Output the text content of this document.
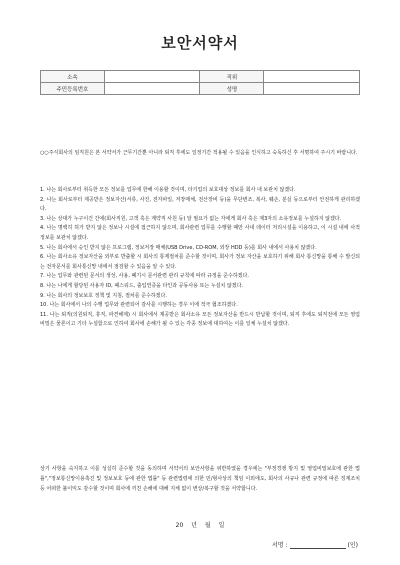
보안서약서
소속		직위	
주민등록번호		성명	
○○주식회사의 임직원은 본 서약서가 근무기간뿐 아니라 퇴직 후에도 일정기간 적용될 수 있음을 인식하고 숙독하신 후 서명하여 주시기 바랍니다.
1. 나는 회사로부터 취득한 모든 정보를 업무에 한해 이용할 것이며, 타기업의 보호대상 정보를 회사 내 보관치 않겠다.
2. 나는 회사로부터 제공받은 정보자산(서류, 사진, 전자파일, 저장매체, 전산장비 등)을 무단변조, 복사, 훼손, 분실 등으로부터 안전하게 관리하겠다.
3. 나는 상대가 누구이건 간에(회사직원, 고객 혹은 계약직 사원 등) 알 필요가 없는 자에게 회사 혹은 제3자의 소유정보를 누설하지 않겠다.
4. 나는 명백히 허가 받지 않은 정보나 시설에 접근하지 않으며, 회사관련 업무를 수행할 때만 사내 데이터 처리시설을 이용하고, 이 시설 내에 사적 정보를 보관치 않겠다.
5. 나는 회사에서 승인 받지 않은 프로그램, 정보저장 매체(USB Drive, CD-ROM, 외장 HDD 등)를 회사 내에서 사용치 않겠다.
6. 나는 회사소유 정보자산을 외부로 반출할 시 회사의 통제절차를 준수할 것이며, 회사가 정보 자산을 보호하기 위해 회사 통신망을 통해 수 발신되는 전자문서를 회사통신망 내에서 점검할 수 있음을 알 수 있다.
7. 나는 업무와 관련된 문서의 생성, 사용, 폐기시 문서관련 관리 규칙에 따라 규정을 준수하겠다.
8. 나는 나에게 할당된 사용자 ID, 패스워드, 출입연증을 타인과 공동사용 또는 누설치 않겠다.
9. 나는 회사의 정보보호 정책 및 지침, 절차를 준수하겠다.
10. 나는 회사에서 나의 수행 업무와 관련되어 감사를 시행하는 경우 이에 적극 협조하겠다.
11. 나는 퇴직(의원퇴직, 휴직, 파견해제) 시 회사에서 제공받은 회사소유 모든 정보자산을 반드시 반납할 것이며, 퇴직 후에도 퇴직전에 모든 영업비밀은 물론이고 기타 누설함으로 인하여 회사에 손해가 될 수 있는 각종 정보에 대하여는 이를 일체 누설치 않겠다.
상기 사항을 숙지하고 이를 성실히 준수할 것을 동의하며 서약서의 보안사항을 위반하였을 경우에는 "부정경쟁 방지 및 영업비밀보호에 관한 법률","정보통신망이용촉진 및 정보보호 등에 관한 법률" 등 관련법령에 의한 민/형사상의 책임 이외에도, 회사의 사규나 관련 규정에 따른 징계조치 등 어떠한 불이익도 감수할 것이며 회사에 끼친 손해에 대해 지체 없이 변상/복구할 것을 서약합니다.
20 년 월 일
서명 :	(인)
